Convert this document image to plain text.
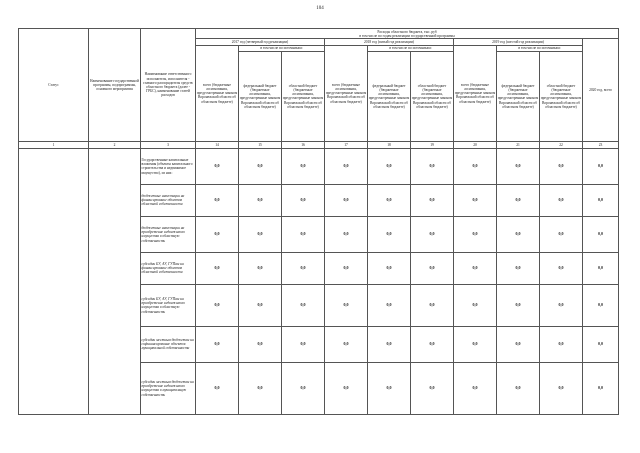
104
Статус	Наименование государственной программы, подпрограммы, основного мероприятия	Наименование ответственного исполнителя, исполнителя - главного распорядителя средств областного бюджета (далее - ГРБС), наименование статей расходов	Расходы областного бюджета, тыс. руб
в том числе по годам реализации государственной программы									

			2017 год (четвертый год реализации)			2018 год (пятый год реализации)			2019 год (шестой год реализации)			2020 год, всего
			всего (бюджетные ассигнования, предусмотренные законом Воронежской области об областном бюджете)	в том числе по источникам:		всего (бюджетные ассигнования, предусмотренные законом Воронежской области об областном бюджете)	в том числе по источникам:		всего (бюджетные ассигнования, предусмотренные законом Воронежской области об областном бюджете)	в том числе по источникам:		
				федеральный бюджет (бюджетные ассигнования, предусмотренные законом Воронежской области об областном бюджете)	областной бюджет (бюджетные ассигнования, предусмотренные законом Воронежской области об областном бюджете)		федеральный бюджет (бюджетные ассигнования, предусмотренные законом Воронежской области об областном бюджете)	областной бюджет (бюджетные ассигнования, предусмотренные законом Воронежской области об областном бюджете)		федеральный бюджет (бюджетные ассигнования, предусмотренные законом Воронежской области об областном бюджете)	областной бюджет (бюджетные ассигнования, предусмотренные законом Воронежской области об областном бюджете)	
1	2	3	14	15	16	17	18	19	20	21	22	23
		Государственные капитальные вложения (объекты капитального строительства и недвижимое имущество), из них:	0,0	0,0	0,0	0,0	0,0	0,0	0,0	0,0	0,0	0,0
		бюджетные инвестиции на финансирование объектов областной собственности	0,0	0,0	0,0	0,0	0,0	0,0	0,0	0,0	0,0	0,0
		бюджетные инвестиции на приобретение недвижимого имущества в областную собственность	0,0	0,0	0,0	0,0	0,0	0,0	0,0	0,0	0,0	0,0
		субсидии БУ, АУ, ГУПам на финансирование объектов областной собственности	0,0	0,0	0,0	0,0	0,0	0,0	0,0	0,0	0,0	0,0
		субсидии БУ, АУ, ГУПам на приобретение недвижимого имущества в областную собственность	0,0	0,0	0,0	0,0	0,0	0,0	0,0	0,0	0,0	0,0
		субсидии местным бюджетам на софинансирование объектов муниципальной собственности	0,0	0,0	0,0	0,0	0,0	0,0	0,0	0,0	0,0	0,0
		субсидии местным бюджетам на приобретение недвижимого имущества в муниципальную собственность	0,0	0,0	0,0	0,0	0,0	0,0	0,0	0,0	0,0	0,0
